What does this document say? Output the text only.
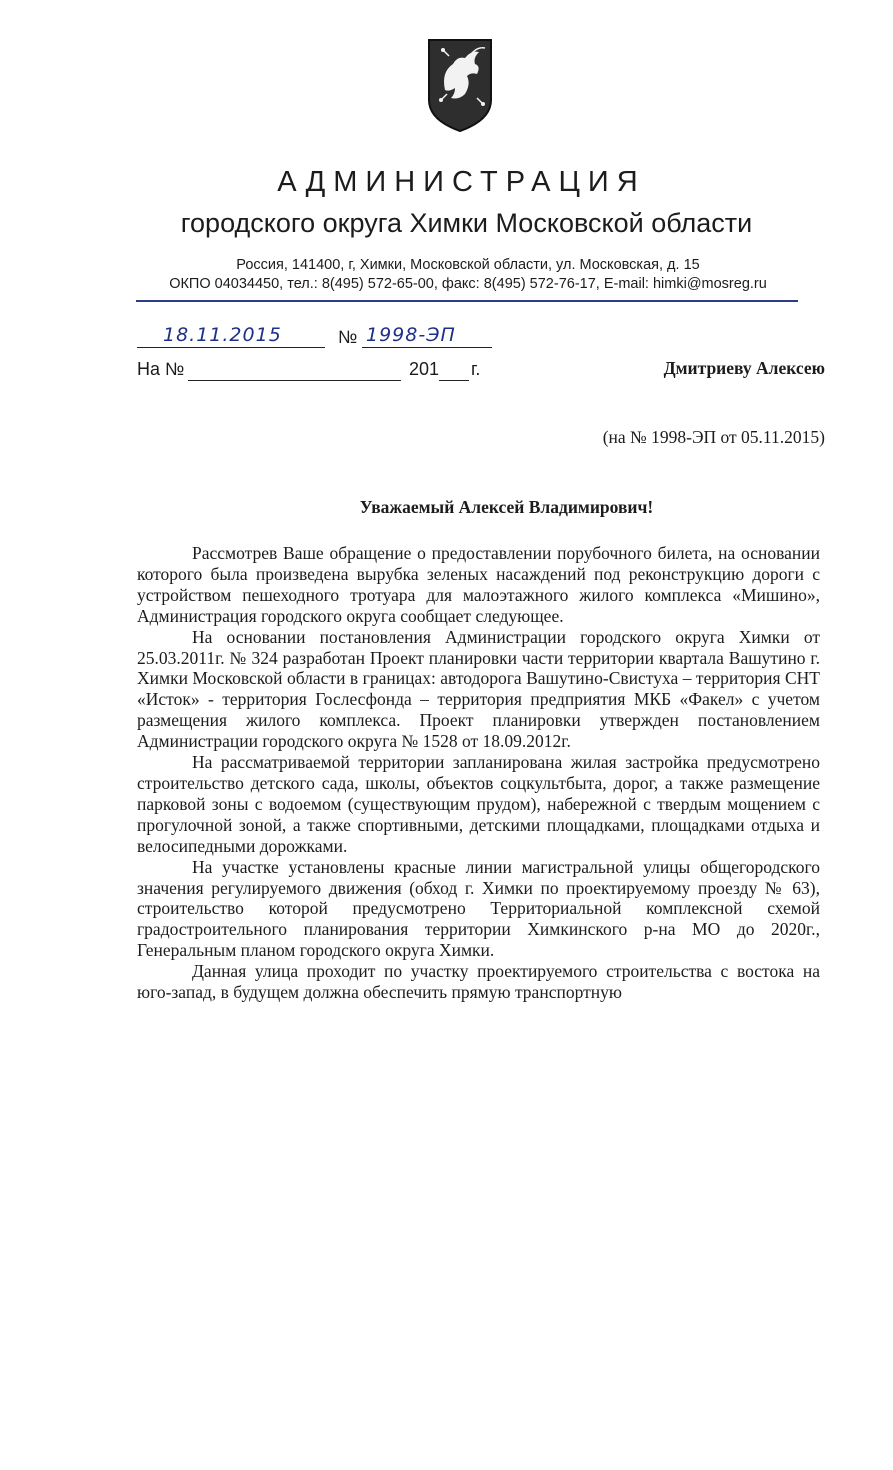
АДМИНИСТРАЦИЯ
городского округа Химки Московской области
Россия, 141400, г, Химки, Московской области, ул. Московская, д. 15
ОКПО 04034450, тел.: 8(495) 572-65-00, факс: 8(495) 572-76-17, E-mail: himki@mosreg.ru
18.11.2015	№ 1998-ЭП
На №	201 г.	Дмитриеву Алексею
(на № 1998-ЭП от 05.11.2015)
Уважаемый Алексей Владимирович!

Рассмотрев Ваше обращение о предоставлении порубочного билета, на основании которого была произведена вырубка зеленых насаждений под реконструкцию дороги с устройством пешеходного тротуара для малоэтажного жилого комплекса «Мишино», Администрация городского округа сообщает следующее.

На основании постановления Администрации городского округа Химки от 25.03.2011г. № 324 разработан Проект планировки части территории квартала Вашутино г. Химки Московской области в границах: автодорога Вашутино-Свистуха – территория СНТ «Исток» - территория Гослесфонда – территория предприятия МКБ «Факел» с учетом размещения жилого комплекса. Проект планировки утвержден постановлением Администрации городского округа № 1528 от 18.09.2012г.

На рассматриваемой территории запланирована жилая застройка предусмотрено строительство детского сада, школы, объектов соцкультбыта, дорог, а также размещение парковой зоны с водоемом (существующим прудом), набережной с твердым мощением с прогулочной зоной, а также спортивными, детскими площадками, площадками отдыха и велосипедными дорожками.

На участке установлены красные линии магистральной улицы общегородского значения регулируемого движения (обход г. Химки по проектируемому проезду № 63), строительство которой предусмотрено Территориальной комплексной схемой градостроительного планирования территории Химкинского р-на МО до 2020г., Генеральным планом городского округа Химки.

Данная улица проходит по участку проектируемого строительства с востока на юго-запад, в будущем должна обеспечить прямую транспортную
